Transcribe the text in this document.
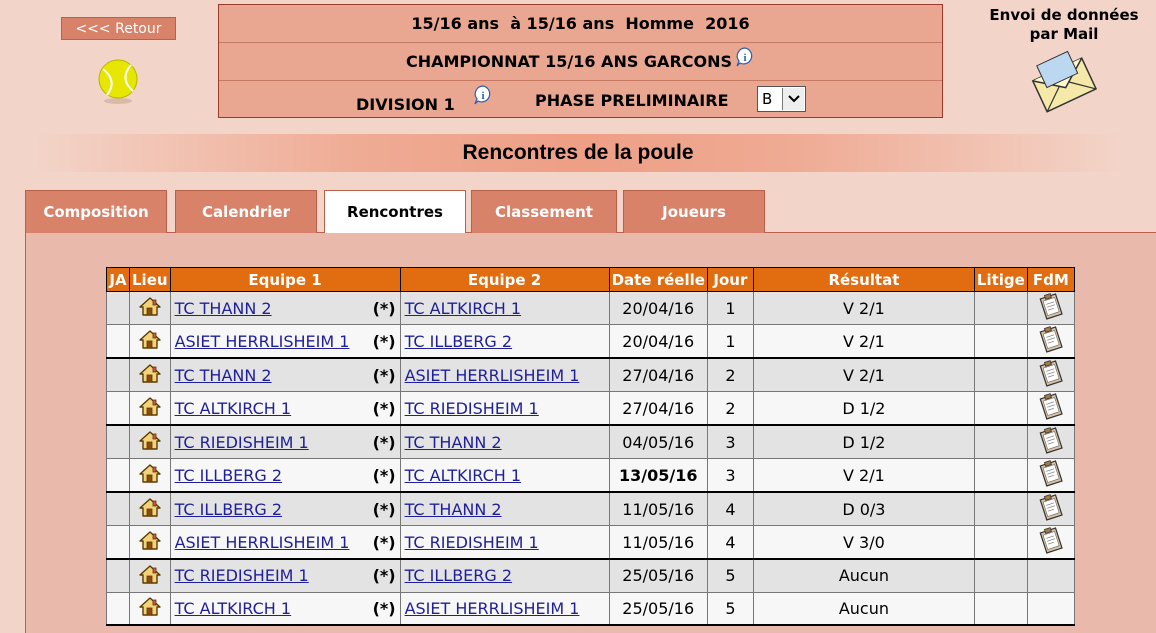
<<< Retour	15/16 ans  à 15/16 ans  Homme  2016
CHAMPIONNAT 15/16 ANS GARCONS i
DIVISION 1 i	PHASE PRELIMINAIRE B
Envoi de données
par Mail
Rencontres de la poule
Composition	Calendrier	Rencontres	Classement	Joueurs
JA	Lieu	Equipe 1	Equipe 2	Date réelle	Jour	Résultat	Litige	FdM

TC THANN 2 (*)	TC ALTKIRCH 1	20/04/16	1	V 2/1		

ASIET HERRLISHEIM 1 (*)	TC ILLBERG 2	20/04/16	1	V 2/1		

TC THANN 2 (*)	ASIET HERRLISHEIM 1	27/04/16	2	V 2/1		

TC ALTKIRCH 1 (*)	TC RIEDISHEIM 1	27/04/16	2	D 1/2		

TC RIEDISHEIM 1 (*)	TC THANN 2	04/05/16	3	D 1/2		

TC ILLBERG 2 (*)	TC ALTKIRCH 1	13/05/16	3	V 2/1		

TC ILLBERG 2 (*)	TC THANN 2	11/05/16	4	D 0/3		

ASIET HERRLISHEIM 1 (*)	TC RIEDISHEIM 1	11/05/16	4	V 3/0		

TC RIEDISHEIM 1 (*)	TC ILLBERG 2	25/05/16	5	Aucun		

TC ALTKIRCH 1 (*)	ASIET HERRLISHEIM 1	25/05/16	5	Aucun		
